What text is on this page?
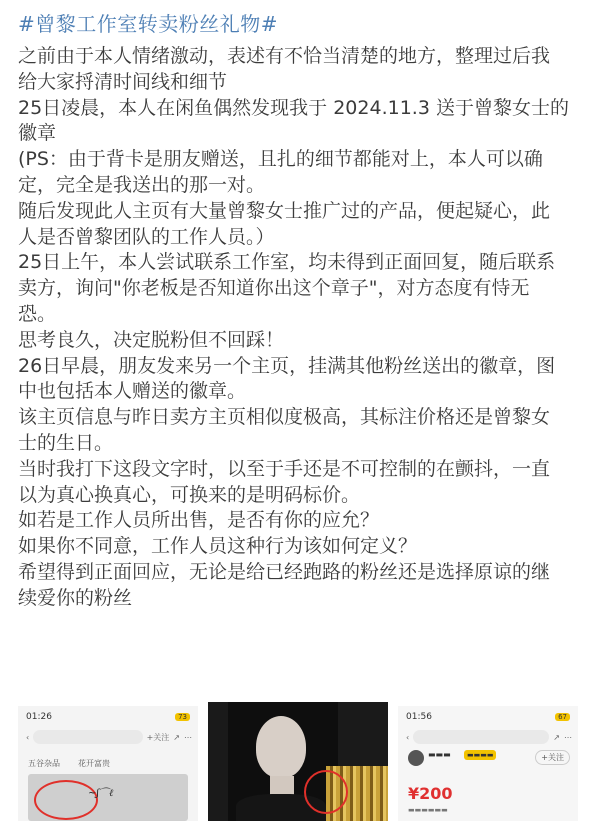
#曾黎工作室转卖粉丝礼物#
之前由于本人情绪激动，表述有不恰当清楚的地方，整理过后我
给大家捋清时间线和细节
25日凌晨，本人在闲鱼偶然发现我于 2024.11.3 送于曾黎女士的
徽章
(PS：由于背卡是朋友赠送，且扎的细节都能对上，本人可以确
定，完全是我送出的那一对。
随后发现此人主页有大量曾黎女士推广过的产品，便起疑心，此
人是否曾黎团队的工作人员。）
25日上午，本人尝试联系工作室，均未得到正面回复，随后联系
卖方，询问"你老板是否知道你出这个章子"，对方态度有恃无
恐。
思考良久，决定脱粉但不回踩！
26日早晨，朋友发来另一个主页，挂满其他粉丝送出的徽章，图
中也包括本人赠送的徽章。
该主页信息与昨日卖方主页相似度极高，其标注价格还是曾黎女
士的生日。
当时我打下这段文字时，以至于手还是不可控制的在颤抖，一直
以为真心换真心，可换来的是明码标价。
如若是工作人员所出售，是否有你的应允？
如果你不同意，工作人员这种行为该如何定义？
希望得到正面回应，无论是给已经跑路的粉丝还是选择原谅的继
续爱你的粉丝
01:26	73
‹	+关注 ↗ ⋯
五谷杂品 花开富贵
~ʃ⌒ℓ
01:56	67
‹	↗ ⋯
▬▬▬	▬▬▬▬	+关注
¥200
▬▬▬▬▬▬
